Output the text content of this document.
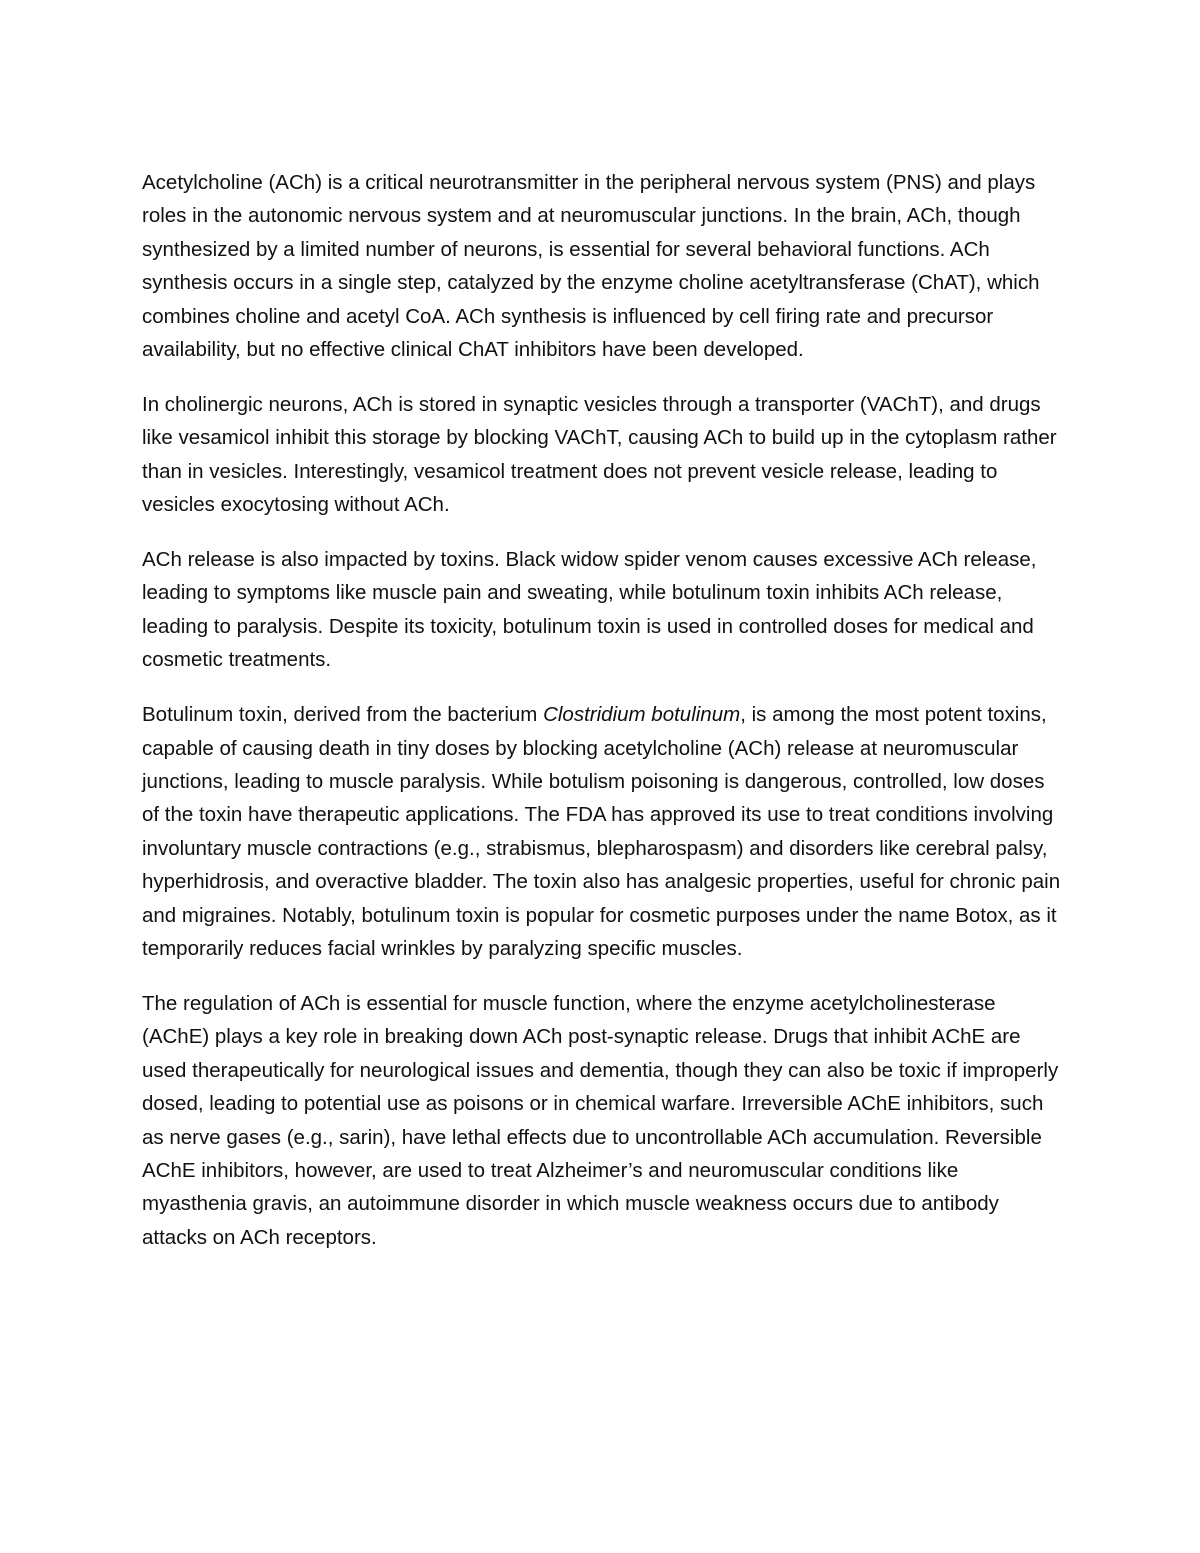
Acetylcholine (ACh) is a critical neurotransmitter in the peripheral nervous system (PNS) and plays roles in the autonomic nervous system and at neuromuscular junctions. In the brain, ACh, though synthesized by a limited number of neurons, is essential for several behavioral functions. ACh synthesis occurs in a single step, catalyzed by the enzyme choline acetyltransferase (ChAT), which combines choline and acetyl CoA. ACh synthesis is influenced by cell firing rate and precursor availability, but no effective clinical ChAT inhibitors have been developed.

In cholinergic neurons, ACh is stored in synaptic vesicles through a transporter (VAChT), and drugs like vesamicol inhibit this storage by blocking VAChT, causing ACh to build up in the cytoplasm rather than in vesicles. Interestingly, vesamicol treatment does not prevent vesicle release, leading to vesicles exocytosing without ACh.

ACh release is also impacted by toxins. Black widow spider venom causes excessive ACh release, leading to symptoms like muscle pain and sweating, while botulinum toxin inhibits ACh release, leading to paralysis. Despite its toxicity, botulinum toxin is used in controlled doses for medical and cosmetic treatments.

Botulinum toxin, derived from the bacterium Clostridium botulinum, is among the most potent toxins, capable of causing death in tiny doses by blocking acetylcholine (ACh) release at neuromuscular junctions, leading to muscle paralysis. While botulism poisoning is dangerous, controlled, low doses of the toxin have therapeutic applications. The FDA has approved its use to treat conditions involving involuntary muscle contractions (e.g., strabismus, blepharospasm) and disorders like cerebral palsy, hyperhidrosis, and overactive bladder. The toxin also has analgesic properties, useful for chronic pain and migraines. Notably, botulinum toxin is popular for cosmetic purposes under the name Botox, as it temporarily reduces facial wrinkles by paralyzing specific muscles.

The regulation of ACh is essential for muscle function, where the enzyme acetylcholinesterase (AChE) plays a key role in breaking down ACh post-synaptic release. Drugs that inhibit AChE are used therapeutically for neurological issues and dementia, though they can also be toxic if improperly dosed, leading to potential use as poisons or in chemical warfare. Irreversible AChE inhibitors, such as nerve gases (e.g., sarin), have lethal effects due to uncontrollable ACh accumulation. Reversible AChE inhibitors, however, are used to treat Alzheimer’s and neuromuscular conditions like myasthenia gravis, an autoimmune disorder in which muscle weakness occurs due to antibody attacks on ACh receptors.
